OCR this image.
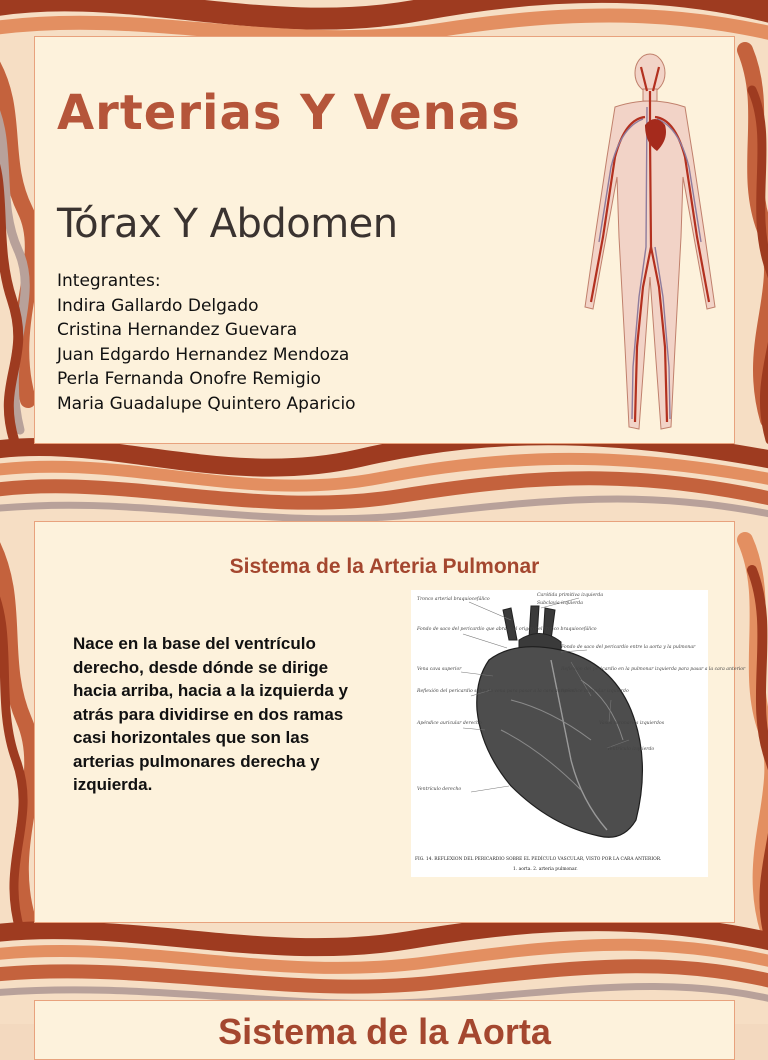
Arterias Y Venas
Tórax Y Abdomen
Integrantes:
Indira Gallardo Delgado
Cristina Hernandez Guevara
Juan Edgardo Hernandez Mendoza
Perla Fernanda Onofre Remigio
Maria Guadalupe Quintero Aparicio
Sistema de la Arteria Pulmonar

Nace en la base del ventrículo derecho, desde dónde se dirige hacia arriba, hacia a la izquierda y atrás para dividirse en dos ramas casi horizontales que son las arterias pulmonares derecha y izquierda.

Tronco arterial braquiocefálico
Fondo de saco del pericardio que abraza el origen del tronco braquiocefálico
Vena cava superior
Reflexión del pericardio sobre la vena para pasar a la cara anterior
Apéndice auricular derecho
Ventrículo derecho
Carótida primitiva izquierda
Subclavia izquierda
Fondo de saco del pericardio entre la aorta y la pulmonar
Reflexión del pericardio en la pulmonar izquierda para pasar a la cara anterior
Apéndice auricular izquierdo
Vasos coronarios izquierdos
Ventrículo izquierdo
FIG. 14. REFLEXION DEL PERICARDIO SOBRE EL PEDÍCULO VASCULAR, VISTO POR LA CARA ANTERIOR.
1. aorta. 2. arteria pulmonar.
Sistema de la Aorta
